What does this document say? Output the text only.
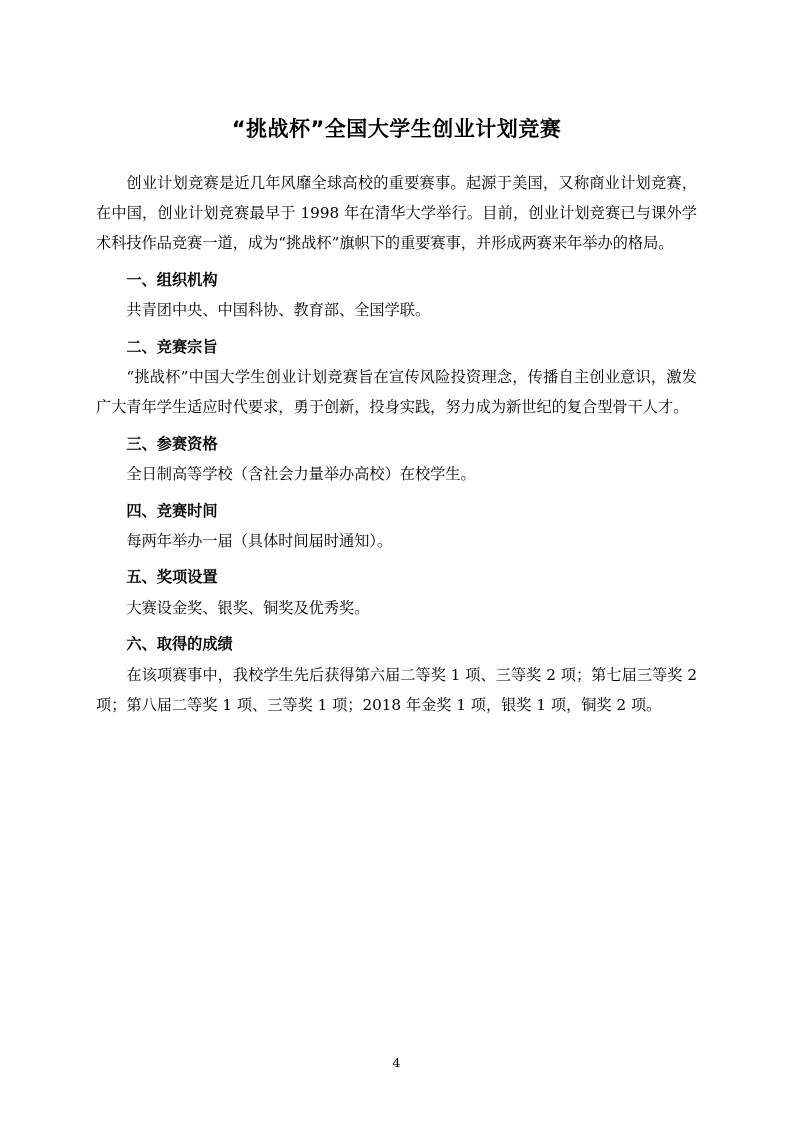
“挑战杯”全国大学生创业计划竞赛

创业计划竞赛是近几年风靡全球高校的重要赛事。起源于美国，又称商业计划竞赛，在中国，创业计划竞赛最早于 1998 年在清华大学举行。目前，创业计划竞赛已与课外学术科技作品竞赛一道，成为“挑战杯”旗帜下的重要赛事，并形成两赛来年举办的格局。

一、组织机构

共青团中央、中国科协、教育部、全国学联。

二、竞赛宗旨

“挑战杯”中国大学生创业计划竞赛旨在宣传风险投资理念，传播自主创业意识，激发广大青年学生适应时代要求，勇于创新，投身实践，努力成为新世纪的复合型骨干人才。

三、参赛资格

全日制高等学校（含社会力量举办高校）在校学生。

四、竞赛时间

每两年举办一届（具体时间届时通知）。

五、奖项设置

大赛设金奖、银奖、铜奖及优秀奖。

六、取得的成绩

在该项赛事中，我校学生先后获得第六届二等奖 1 项、三等奖 2 项；第七届三等奖 2 项；第八届二等奖 1 项、三等奖 1 项；2018 年金奖 1 项，银奖 1 项，铜奖 2 项。

4
